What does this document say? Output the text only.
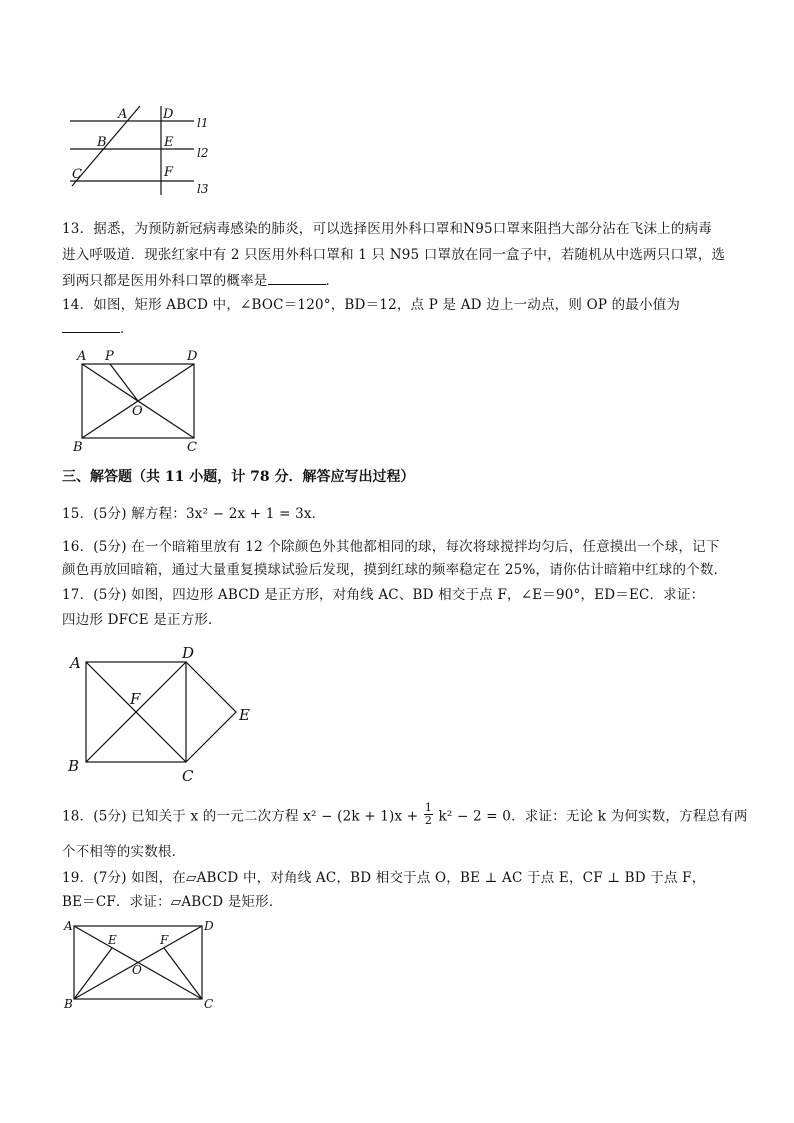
A
B
C
D
E
F
l1
l2
l3
13．据悉，为预防新冠病毒感染的肺炎，可以选择医用外科口罩和N95口罩来阻挡大部分沾在飞沫上的病毒
进入呼吸道．现张红家中有 2 只医用外科口罩和 1 只 N95 口罩放在同一盒子中，若随机从中选两只口罩，选
到两只都是医用外科口罩的概率是	．
14．如图，矩形 ABCD 中，∠BOC＝120°，BD＝12，点 P 是 AD 边上一动点，则 OP 的最小值为
．
A P	D
O
B	C
三、解答题（共 11 小题，计 78 分．解答应写出过程）
15．(5分) 解方程：3x² − 2x + 1 = 3x．
16．(5分) 在一个暗箱里放有 12 个除颜色外其他都相同的球，每次将球搅拌均匀后，任意摸出一个球，记下
颜色再放回暗箱，通过大量重复摸球试验后发现，摸到红球的频率稳定在 25%，请你估计暗箱中红球的个数．
17．(5分) 如图，四边形 ABCD 是正方形，对角线 AC、BD 相交于点 F，∠E＝90°，ED＝EC．求证：
四边形 DFCE 是正方形．
A
D
F
E
B
C
18．(5分) 已知关于 x 的一元二次方程 $x^2 - (2k + 1)x + \frac{1}{2} k^2 - 2 = 0$．求证：无论 k 为何实数，方程总有两
个不相等的实数根．
19．(7分) 如图，在▱ABCD 中，对角线 AC，BD 相交于点 O，BE ⊥ AC 于点 E，CF ⊥ BD 于点 F，
BE＝CF．求证：▱ABCD 是矩形．
A
E	F
D
O
B	C
